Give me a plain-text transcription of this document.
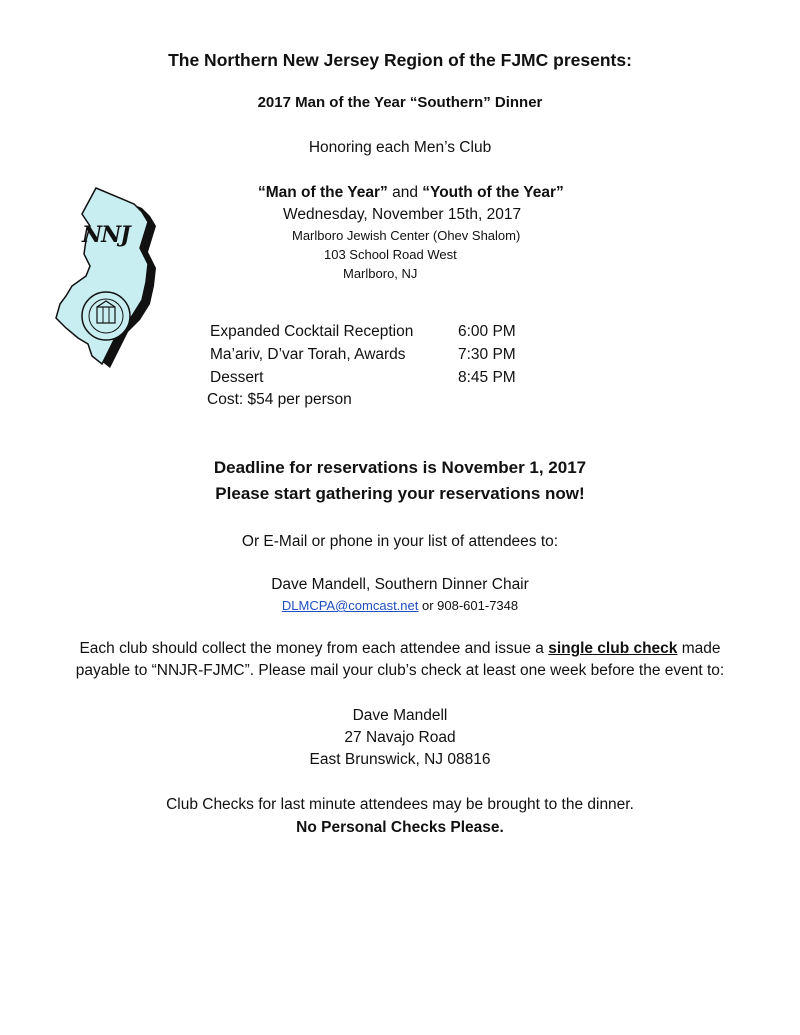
The Northern New Jersey Region of the FJMC presents:
2017 Man of the Year “Southern” Dinner
Honoring each Men’s Club
NNJ
“Man of the Year” and “Youth of the Year”
Wednesday, November 15th, 2017
Marlboro Jewish Center (Ohev Shalom)
103 School Road West
Marlboro, NJ
Expanded Cocktail Reception	6:00 PM
Ma’ariv, D’var Torah, Awards	7:30 PM
Dessert	8:45 PM
Cost: $54 per person
Deadline for reservations is November 1, 2017
Please start gathering your reservations now!
Or E-Mail or phone in your list of attendees to:
Dave Mandell, Southern Dinner Chair
DLMCPA@comcast.net or 908-601-7348
Each club should collect the money from each attendee and issue a single club check made
payable to “NNJR-FJMC”. Please mail your club’s check at least one week before the event to:
Dave Mandell
27 Navajo Road
East Brunswick, NJ 08816
Club Checks for last minute attendees may be brought to the dinner.
No Personal Checks Please.
